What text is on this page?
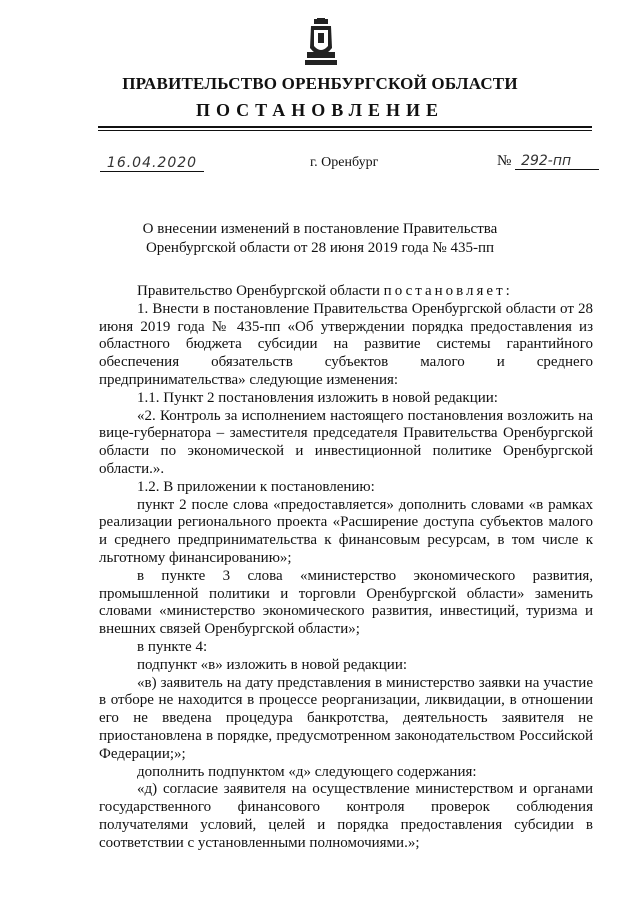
ПРАВИТЕЛЬСТВО ОРЕНБУРГСКОЙ ОБЛАСТИ
ПОСТАНОВЛЕНИЕ
16.04.2020	г. Оренбург	№ 292-пп
О внесении изменений в постановление Правительства
Оренбургской области от 28 июня 2019 года № 435-пп

Правительство Оренбургской области постановляет:

1. Внести в постановление Правительства Оренбургской области от 28 июня 2019 года № 435-пп «Об утверждении порядка предоставления из областного бюджета субсидии на развитие системы гарантийного обеспечения обязательств субъектов малого и среднего предпринимательства» следующие изменения:

1.1. Пункт 2 постановления изложить в новой редакции:

«2. Контроль за исполнением настоящего постановления возложить на вице-губернатора – заместителя председателя Правительства Оренбургской области по экономической и инвестиционной политике Оренбургской области.».

1.2. В приложении к постановлению:

пункт 2 после слова «предоставляется» дополнить словами «в рамках реализации регионального проекта «Расширение доступа субъектов малого и среднего предпринимательства к финансовым ресурсам, в том числе к льготному финансированию»;

в пункте 3 слова «министерство экономического развития, промышленной политики и торговли Оренбургской области» заменить словами «министерство экономического развития, инвестиций, туризма и внешних связей Оренбургской области»;

в пункте 4:

подпункт «в» изложить в новой редакции:

«в) заявитель на дату представления в министерство заявки на участие в отборе не находится в процессе реорганизации, ликвидации, в отношении его не введена процедура банкротства, деятельность заявителя не приостановлена в порядке, предусмотренном законодательством Российской Федерации;»;

дополнить подпунктом «д» следующего содержания:

«д) согласие заявителя на осуществление министерством и органами государственного финансового контроля проверок соблюдения получателями условий, целей и порядка предоставления субсидии в соответствии с установленными полномочиями.»;
